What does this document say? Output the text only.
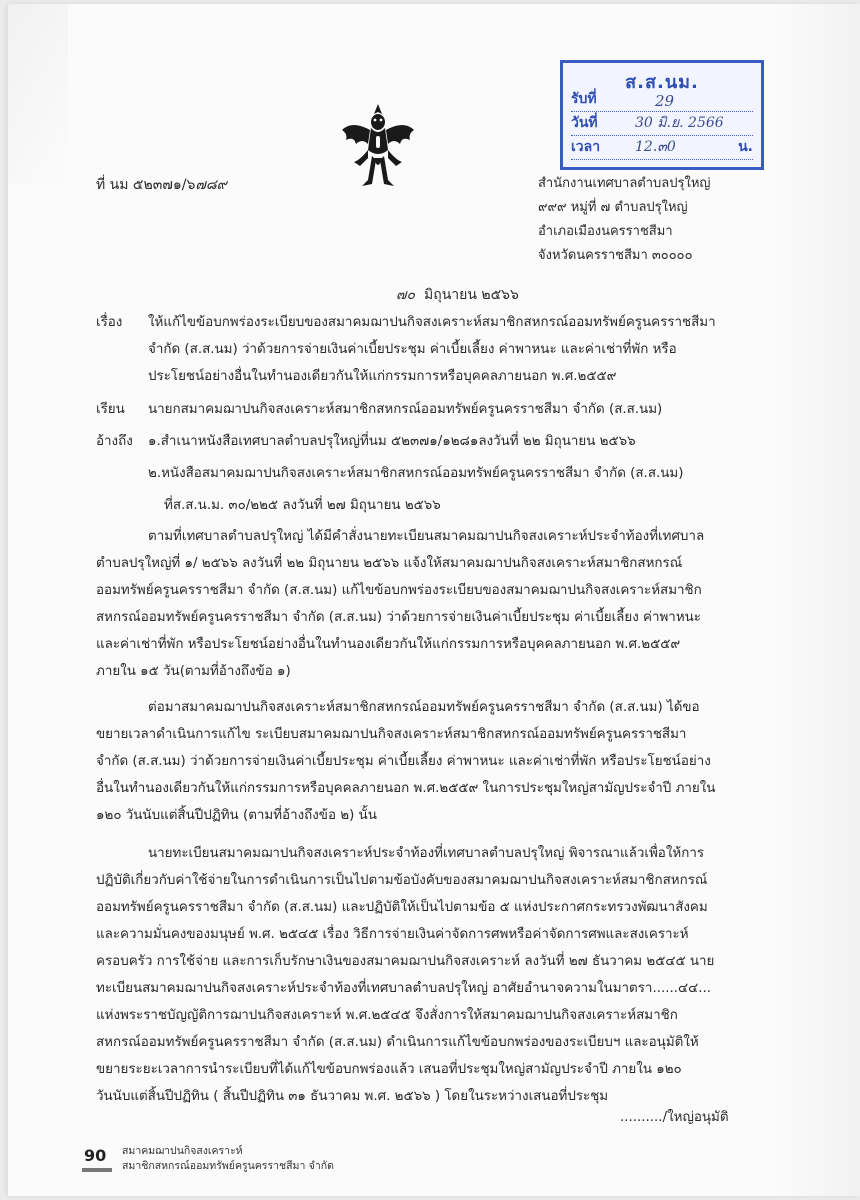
ส.ส.นม.
รับที่	29
วันที่	30 มิ.ย. 2566
เวลา 12.๓0	น.
ที่ นม ๕๒๓๗๑/๖๗๘๙	สำนักงานเทศบาลตำบลปรุใหญ่
๙๙๙ หมู่ที่ ๗ ตำบลปรุใหญ่
อำเภอเมืองนครราชสีมา
จังหวัดนครราชสีมา ๓๐๐๐๐
๗๐ มิถุนายน ๒๕๖๖
เรื่อง ให้แก้ไขข้อบกพร่องระเบียบของสมาคมฌาปนกิจสงเคราะห์สมาชิกสหกรณ์ออมทรัพย์ครูนครราชสีมา
จำกัด (ส.ส.นม) ว่าด้วยการจ่ายเงินค่าเบี้ยประชุม ค่าเบี้ยเลี้ยง ค่าพาหนะ และค่าเช่าที่พัก หรือ
ประโยชน์อย่างอื่นในทำนองเดียวกันให้แก่กรรมการหรือบุคคลภายนอก พ.ศ.๒๕๕๙
เรียน นายกสมาคมฌาปนกิจสงเคราะห์สมาชิกสหกรณ์ออมทรัพย์ครูนครราชสีมา จำกัด (ส.ส.นม)
อ้างถึง ๑.สำเนาหนังสือเทศบาลตำบลปรุใหญ่ที่นม ๕๒๓๗๑/๑๒๘๑ลงวันที่ ๒๒ มิถุนายน ๒๕๖๖
๒.หนังสือสมาคมฌาปนกิจสงเคราะห์สมาชิกสหกรณ์ออมทรัพย์ครูนครราชสีมา จำกัด (ส.ส.นม)
ที่ส.ส.น.ม. ๓๐/๒๒๕ ลงวันที่ ๒๗ มิถุนายน ๒๕๖๖
ตามที่เทศบาลตำบลปรุใหญ่ ได้มีคำสั่งนายทะเบียนสมาคมฌาปนกิจสงเคราะห์ประจำท้องที่เทศบาล
ตำบลปรุใหญ่ที่ ๑/ ๒๕๖๖ ลงวันที่ ๒๒ มิถุนายน ๒๕๖๖ แจ้งให้สมาคมฌาปนกิจสงเคราะห์สมาชิกสหกรณ์
ออมทรัพย์ครูนครราชสีมา จำกัด (ส.ส.นม) แก้ไขข้อบกพร่องระเบียบของสมาคมฌาปนกิจสงเคราะห์สมาชิก
สหกรณ์ออมทรัพย์ครูนครราชสีมา จำกัด (ส.ส.นม) ว่าด้วยการจ่ายเงินค่าเบี้ยประชุม ค่าเบี้ยเลี้ยง ค่าพาหนะ
และค่าเช่าที่พัก หรือประโยชน์อย่างอื่นในทำนองเดียวกันให้แก่กรรมการหรือบุคคลภายนอก พ.ศ.๒๕๕๙
ภายใน ๑๕ วัน(ตามที่อ้างถึงข้อ ๑)
ต่อมาสมาคมฌาปนกิจสงเคราะห์สมาชิกสหกรณ์ออมทรัพย์ครูนครราชสีมา จำกัด (ส.ส.นม) ได้ขอ
ขยายเวลาดำเนินการแก้ไข ระเบียบสมาคมฌาปนกิจสงเคราะห์สมาชิกสหกรณ์ออมทรัพย์ครูนครราชสีมา
จำกัด (ส.ส.นม) ว่าด้วยการจ่ายเงินค่าเบี้ยประชุม ค่าเบี้ยเลี้ยง ค่าพาหนะ และค่าเช่าที่พัก หรือประโยชน์อย่าง
อื่นในทำนองเดียวกันให้แก่กรรมการหรือบุคคลภายนอก พ.ศ.๒๕๕๙ ในการประชุมใหญ่สามัญประจำปี ภายใน
๑๒๐ วันนับแต่สิ้นปีปฏิทิน (ตามที่อ้างถึงข้อ ๒) นั้น
นายทะเบียนสมาคมฌาปนกิจสงเคราะห์ประจำท้องที่เทศบาลตำบลปรุใหญ่ พิจารณาแล้วเพื่อให้การ
ปฏิบัติเกี่ยวกับค่าใช้จ่ายในการดำเนินการเป็นไปตามข้อบังคับของสมาคมฌาปนกิจสงเคราะห์สมาชิกสหกรณ์
ออมทรัพย์ครูนครราชสีมา จำกัด (ส.ส.นม) และปฏิบัติให้เป็นไปตามข้อ ๕ แห่งประกาศกระทรวงพัฒนาสังคม
และความมั่นคงของมนุษย์ พ.ศ. ๒๕๔๕ เรื่อง วิธีการจ่ายเงินค่าจัดการศพหรือค่าจัดการศพและสงเคราะห์
ครอบครัว การใช้จ่าย และการเก็บรักษาเงินของสมาคมฌาปนกิจสงเคราะห์ ลงวันที่ ๒๗ ธันวาคม ๒๕๔๕ นาย
ทะเบียนสมาคมฌาปนกิจสงเคราะห์ประจำท้องที่เทศบาลตำบลปรุใหญ่ อาศัยอำนาจความในมาตรา......๔๔...
แห่งพระราชบัญญัติการฌาปนกิจสงเคราะห์ พ.ศ.๒๕๔๕ จึงสั่งการให้สมาคมฌาปนกิจสงเคราะห์สมาชิก
สหกรณ์ออมทรัพย์ครูนครราชสีมา จำกัด (ส.ส.นม) ดำเนินการแก้ไขข้อบกพร่องของระเบียบฯ และอนุมัติให้
ขยายระยะเวลาการนำระเบียบที่ได้แก้ไขข้อบกพร่องแล้ว เสนอที่ประชุมใหญ่สามัญประจำปี ภายใน ๑๒๐
วันนับแต่สิ้นปีปฏิทิน ( สิ้นปีปฏิทิน ๓๑ ธันวาคม พ.ศ. ๒๕๖๖ ) โดยในระหว่างเสนอที่ประชุม
........../ใหญ่อนุมัติ
90 สมาคมฌาปนกิจสงเคราะห์
สมาชิกสหกรณ์ออมทรัพย์ครูนครราชสีมา จำกัด
